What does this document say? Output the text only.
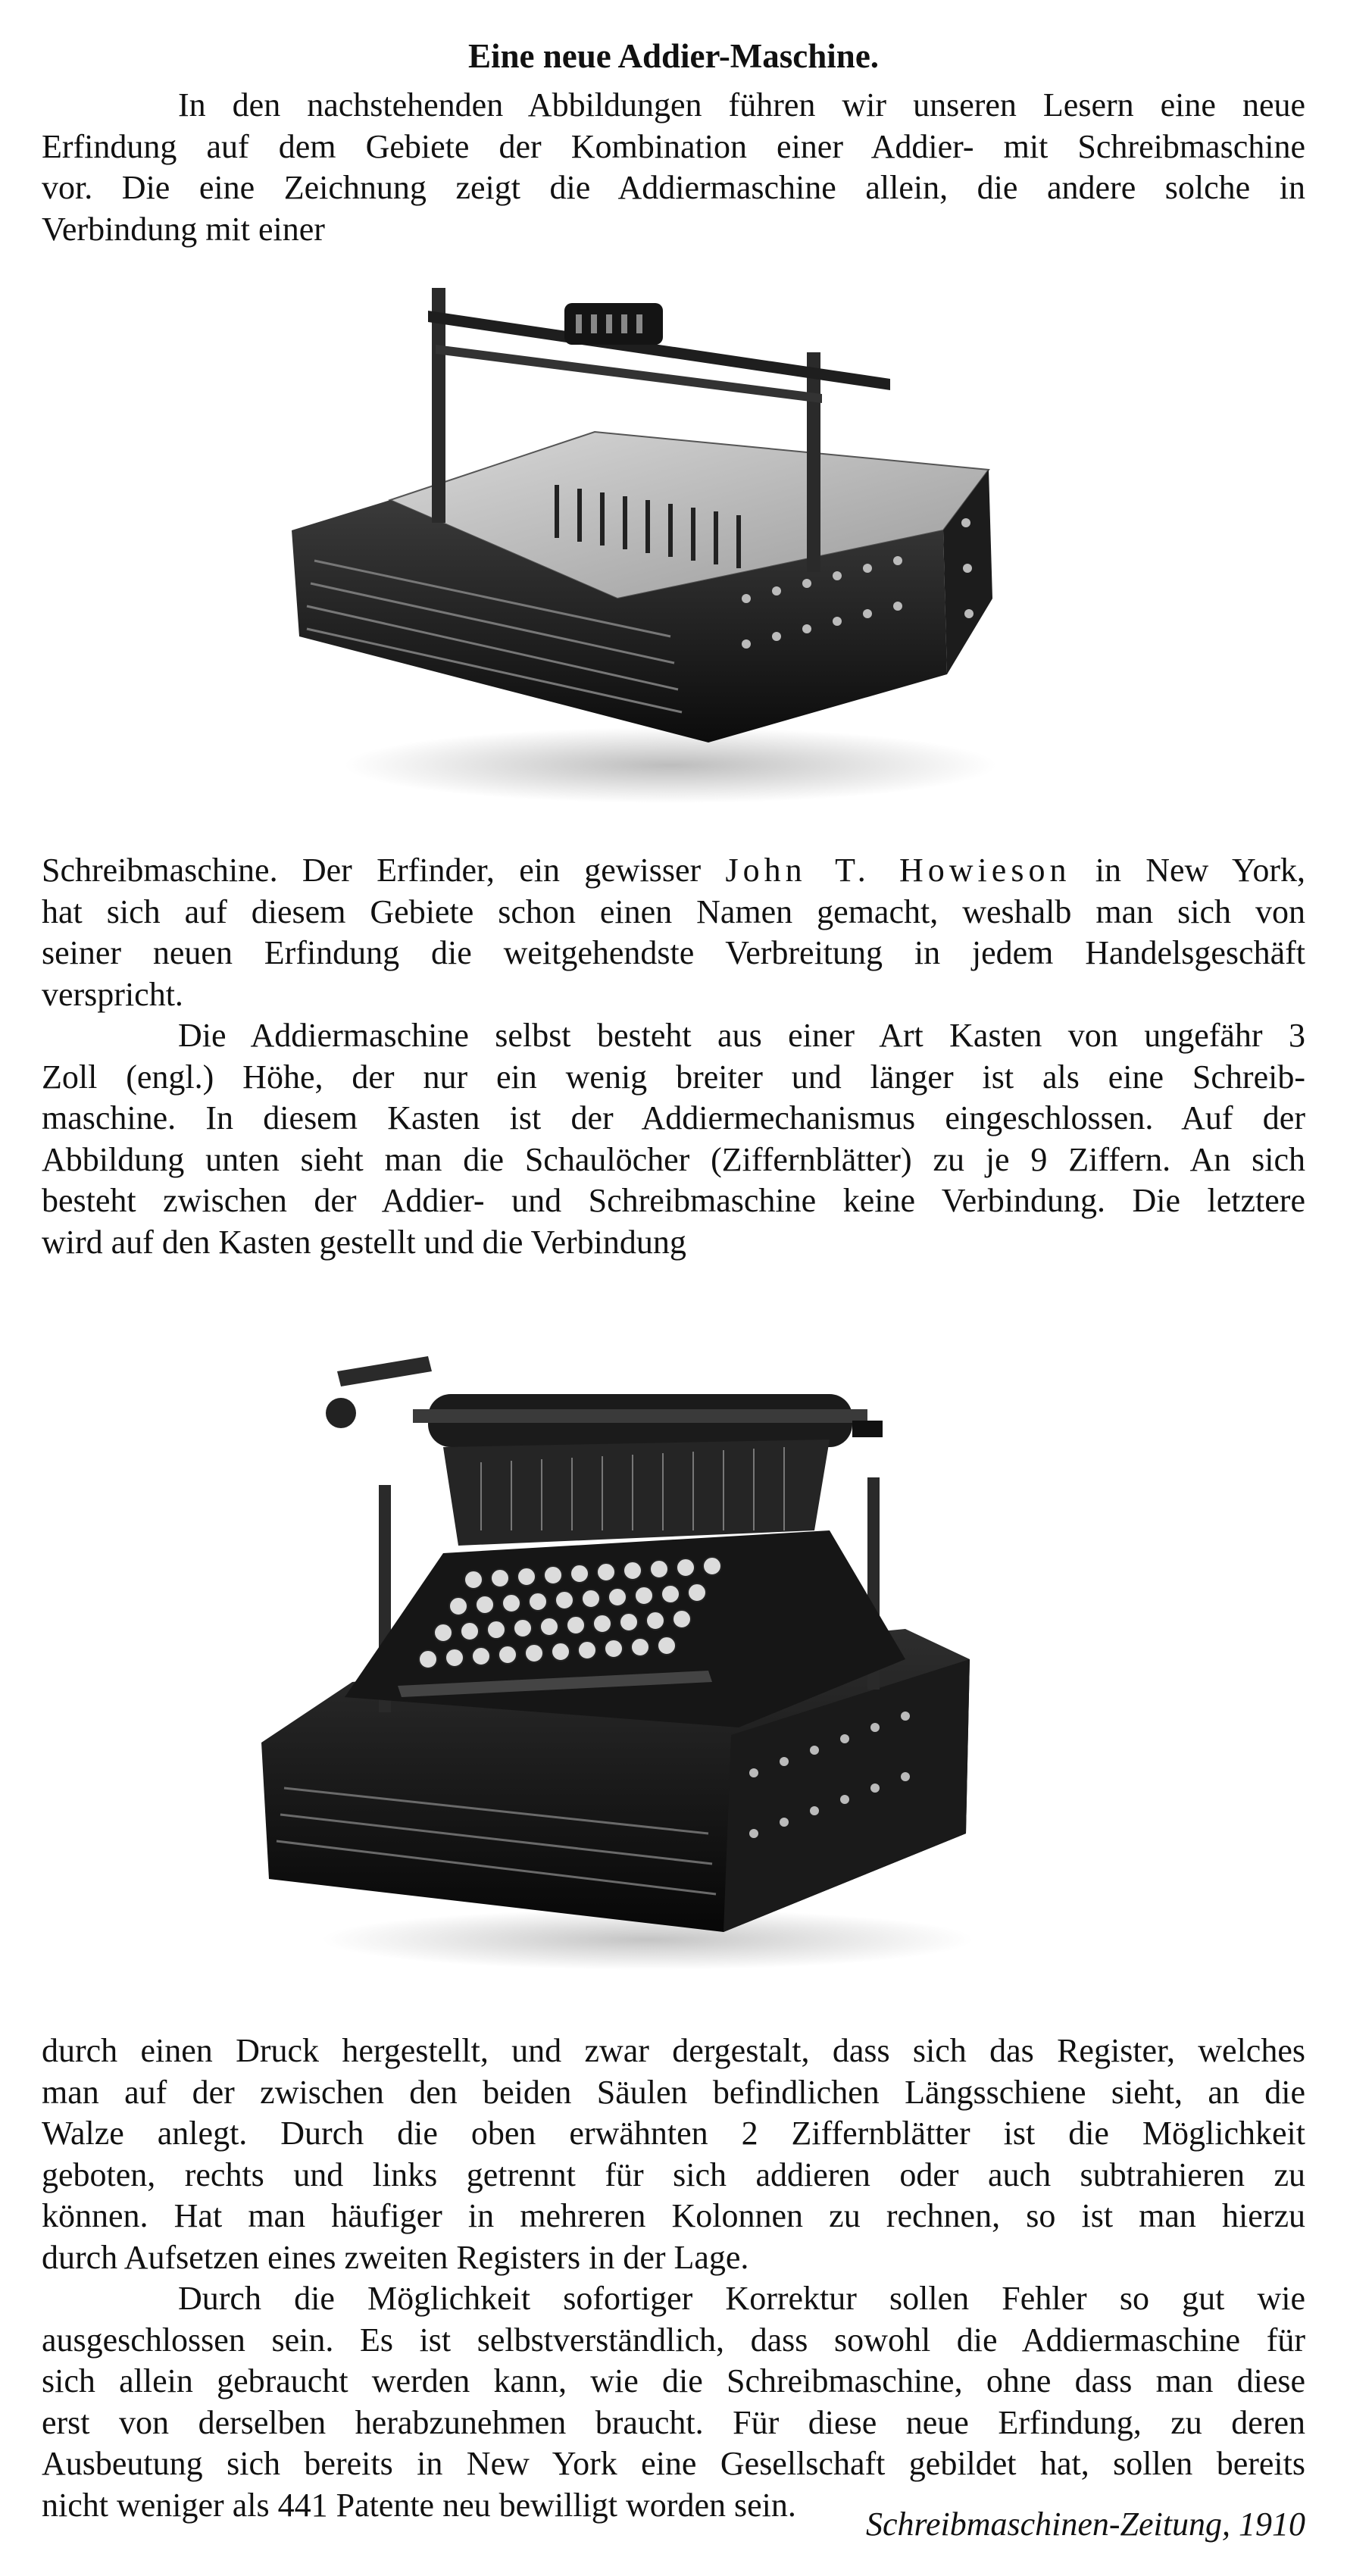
Eine neue Addier-Maschine.

In den nachstehenden Abbildungen führen wir unseren Lesern eine neue
Erfindung auf dem Gebiete der Kombination einer Addier- mit Schreibmaschine
vor. Die eine Zeichnung zeigt die Addiermaschine allein, die andere solche in
Verbindung mit einer

Schreibmaschine. Der Erfinder, ein gewisser John T. Howieson in New York,
hat sich auf diesem Gebiete schon einen Namen gemacht, weshalb man sich von
seiner neuen Erfindung die weitgehendste Verbreitung in jedem Handelsgeschäft
verspricht.

Die Addiermaschine selbst besteht aus einer Art Kasten von ungefähr 3
Zoll (engl.) Höhe, der nur ein wenig breiter und länger ist als eine Schreib-
maschine. In diesem Kasten ist der Addiermechanismus eingeschlossen. Auf der
Abbildung unten sieht man die Schaulöcher (Ziffernblätter) zu je 9 Ziffern. An sich
besteht zwischen der Addier- und Schreibmaschine keine Verbindung. Die letztere
wird auf den Kasten gestellt und die Verbindung

durch einen Druck hergestellt, und zwar dergestalt, dass sich das Register, welches
man auf der zwischen den beiden Säulen befindlichen Längsschiene sieht, an die
Walze anlegt. Durch die oben erwähnten 2 Ziffernblätter ist die Möglichkeit
geboten, rechts und links getrennt für sich addieren oder auch subtrahieren zu
können. Hat man häufiger in mehreren Kolonnen zu rechnen, so ist man hierzu
durch Aufsetzen eines zweiten Registers in der Lage.

Durch die Möglichkeit sofortiger Korrektur sollen Fehler so gut wie
ausgeschlossen sein. Es ist selbstverständlich, dass sowohl die Addiermaschine für
sich allein gebraucht werden kann, wie die Schreibmaschine, ohne dass man diese
erst von derselben herabzunehmen braucht. Für diese neue Erfindung, zu deren
Ausbeutung sich bereits in New York eine Gesellschaft gebildet hat, sollen bereits
nicht weniger als 441 Patente neu bewilligt worden sein.

Schreibmaschinen-Zeitung, 1910
